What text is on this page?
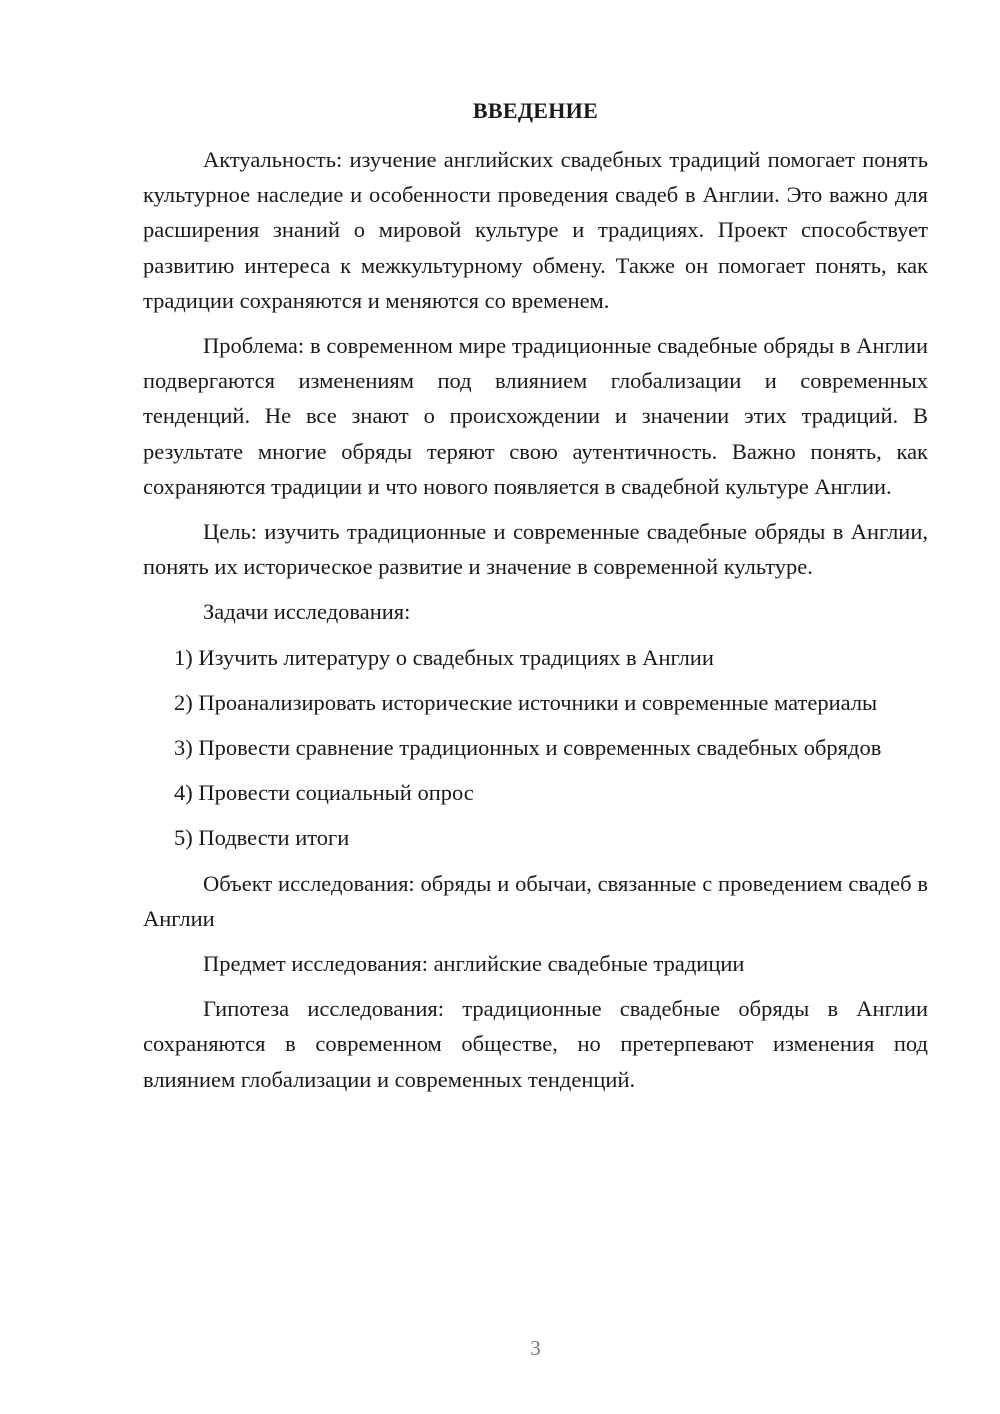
ВВЕДЕНИЕ

Актуальность: изучение английских свадебных традиций помогает понять культурное наследие и особенности проведения свадеб в Англии. Это важно для расширения знаний о мировой культуре и традициях. Проект способствует развитию интереса к межкультурному обмену. Также он помогает понять, как традиции сохраняются и меняются со временем.

Проблема: в современном мире традиционные свадебные обряды в Англии подвергаются изменениям под влиянием глобализации и современных тенденций. Не все знают о происхождении и значении этих традиций. В результате многие обряды теряют свою аутентичность. Важно понять, как сохраняются традиции и что нового появляется в свадебной культуре Англии.

Цель: изучить традиционные и современные свадебные обряды в Англии, понять их историческое развитие и значение в современной культуре.

Задачи исследования:

1) Изучить литературу о свадебных традициях в Англии

2) Проанализировать исторические источники и современные материалы

3) Провести сравнение традиционных и современных свадебных обрядов

4) Провести социальный опрос

5) Подвести итоги

Объект исследования: обряды и обычаи, связанные с проведением свадеб в Англии

Предмет исследования: английские свадебные традиции

Гипотеза исследования: традиционные свадебные обряды в Англии сохраняются в современном обществе, но претерпевают изменения под влиянием глобализации и современных тенденций.

3
